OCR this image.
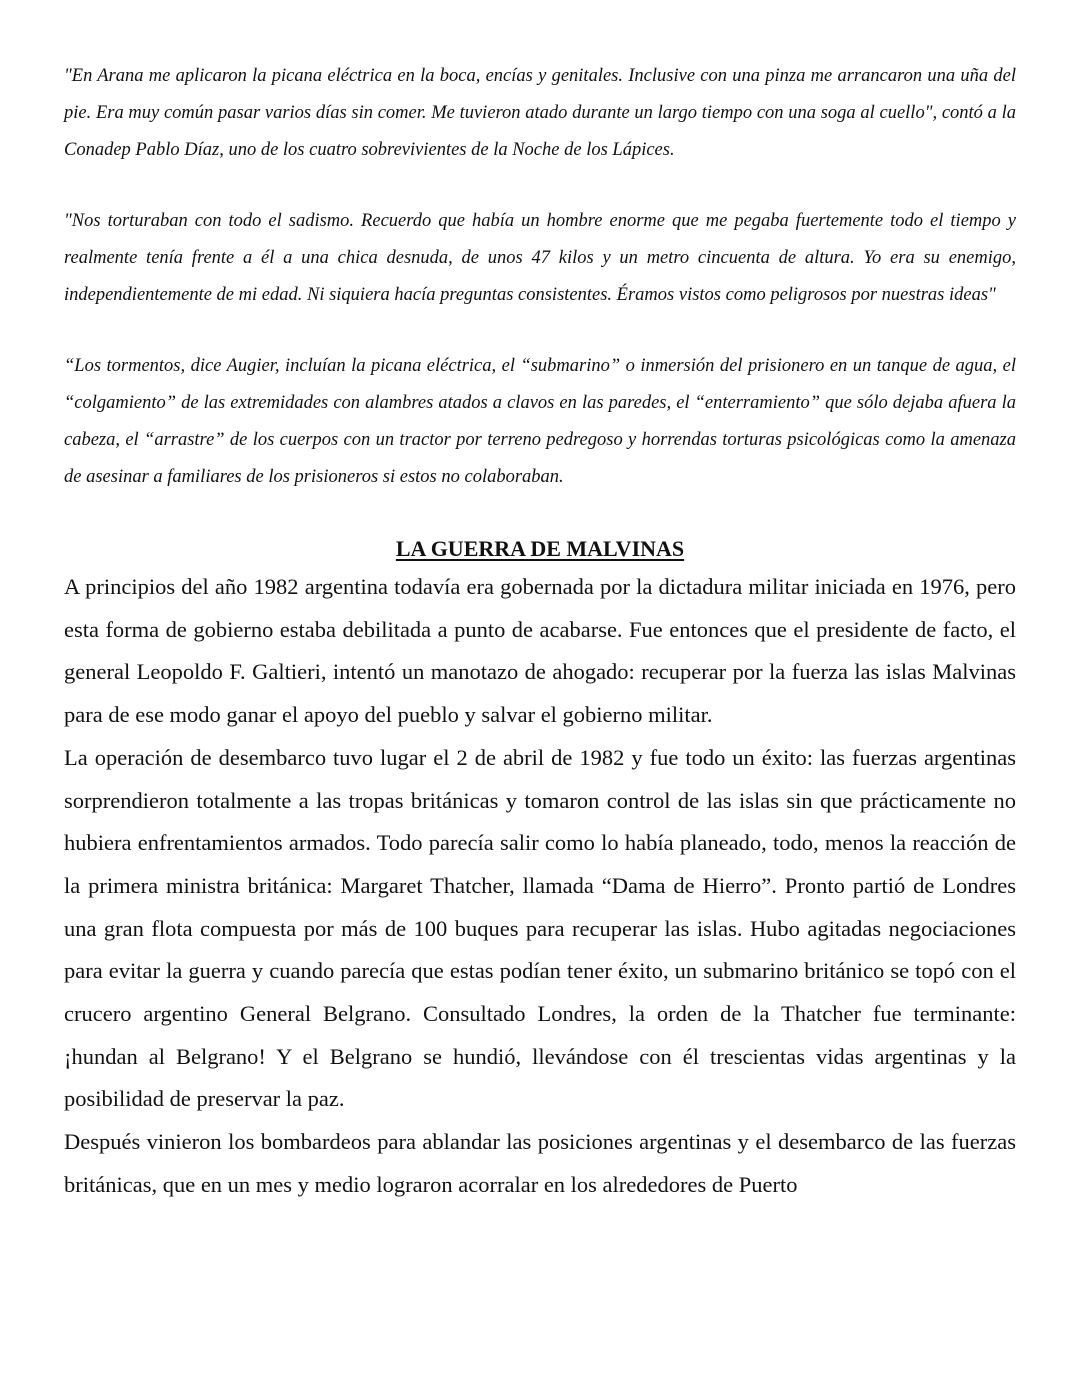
"En Arana me aplicaron la picana eléctrica en la boca, encías y genitales. Inclusive con una pinza me arrancaron una uña del pie. Era muy común pasar varios días sin comer. Me tuvieron atado durante un largo tiempo con una soga al cuello", contó a la Conadep Pablo Díaz, uno de los cuatro sobrevivientes de la Noche de los Lápices.

"Nos torturaban con todo el sadismo. Recuerdo que había un hombre enorme que me pegaba fuertemente todo el tiempo y realmente tenía frente a él a una chica desnuda, de unos 47 kilos y un metro cincuenta de altura. Yo era su enemigo, independientemente de mi edad. Ni siquiera hacía preguntas consistentes. Éramos vistos como peligrosos por nuestras ideas"

“Los tormentos, dice Augier, incluían la picana eléctrica, el “submarino” o inmersión del prisionero en un tanque de agua, el “colgamiento” de las extremidades con alambres atados a clavos en las paredes, el “enterramiento” que sólo dejaba afuera la cabeza, el “arrastre” de los cuerpos con un tractor por terreno pedregoso y horrendas torturas psicológicas como la amenaza de asesinar a familiares de los prisioneros si estos no colaboraban.

LA GUERRA DE MALVINAS

A principios del año 1982 argentina todavía era gobernada por la dictadura militar iniciada en 1976, pero esta forma de gobierno estaba debilitada a punto de acabarse. Fue entonces que el presidente de facto, el general Leopoldo F. Galtieri, intentó un manotazo de ahogado: recuperar por la fuerza las islas Malvinas para de ese modo ganar el apoyo del pueblo y salvar el gobierno militar.

La operación de desembarco tuvo lugar el 2 de abril de 1982 y fue todo un éxito: las fuerzas argentinas sorprendieron totalmente a las tropas británicas y tomaron control de las islas sin que prácticamente no hubiera enfrentamientos armados. Todo parecía salir como lo había planeado, todo, menos la reacción de la primera ministra británica: Margaret Thatcher, llamada “Dama de Hierro”. Pronto partió de Londres una gran flota compuesta por más de 100 buques para recuperar las islas. Hubo agitadas negociaciones para evitar la guerra y cuando parecía que estas podían tener éxito, un submarino británico se topó con el crucero argentino General Belgrano. Consultado Londres, la orden de la Thatcher fue terminante: ¡hundan al Belgrano! Y el Belgrano se hundió, llevándose con él trescientas vidas argentinas y la posibilidad de preservar la paz.

Después vinieron los bombardeos para ablandar las posiciones argentinas y el desembarco de las fuerzas británicas, que en un mes y medio lograron acorralar en los alrededores de Puerto
